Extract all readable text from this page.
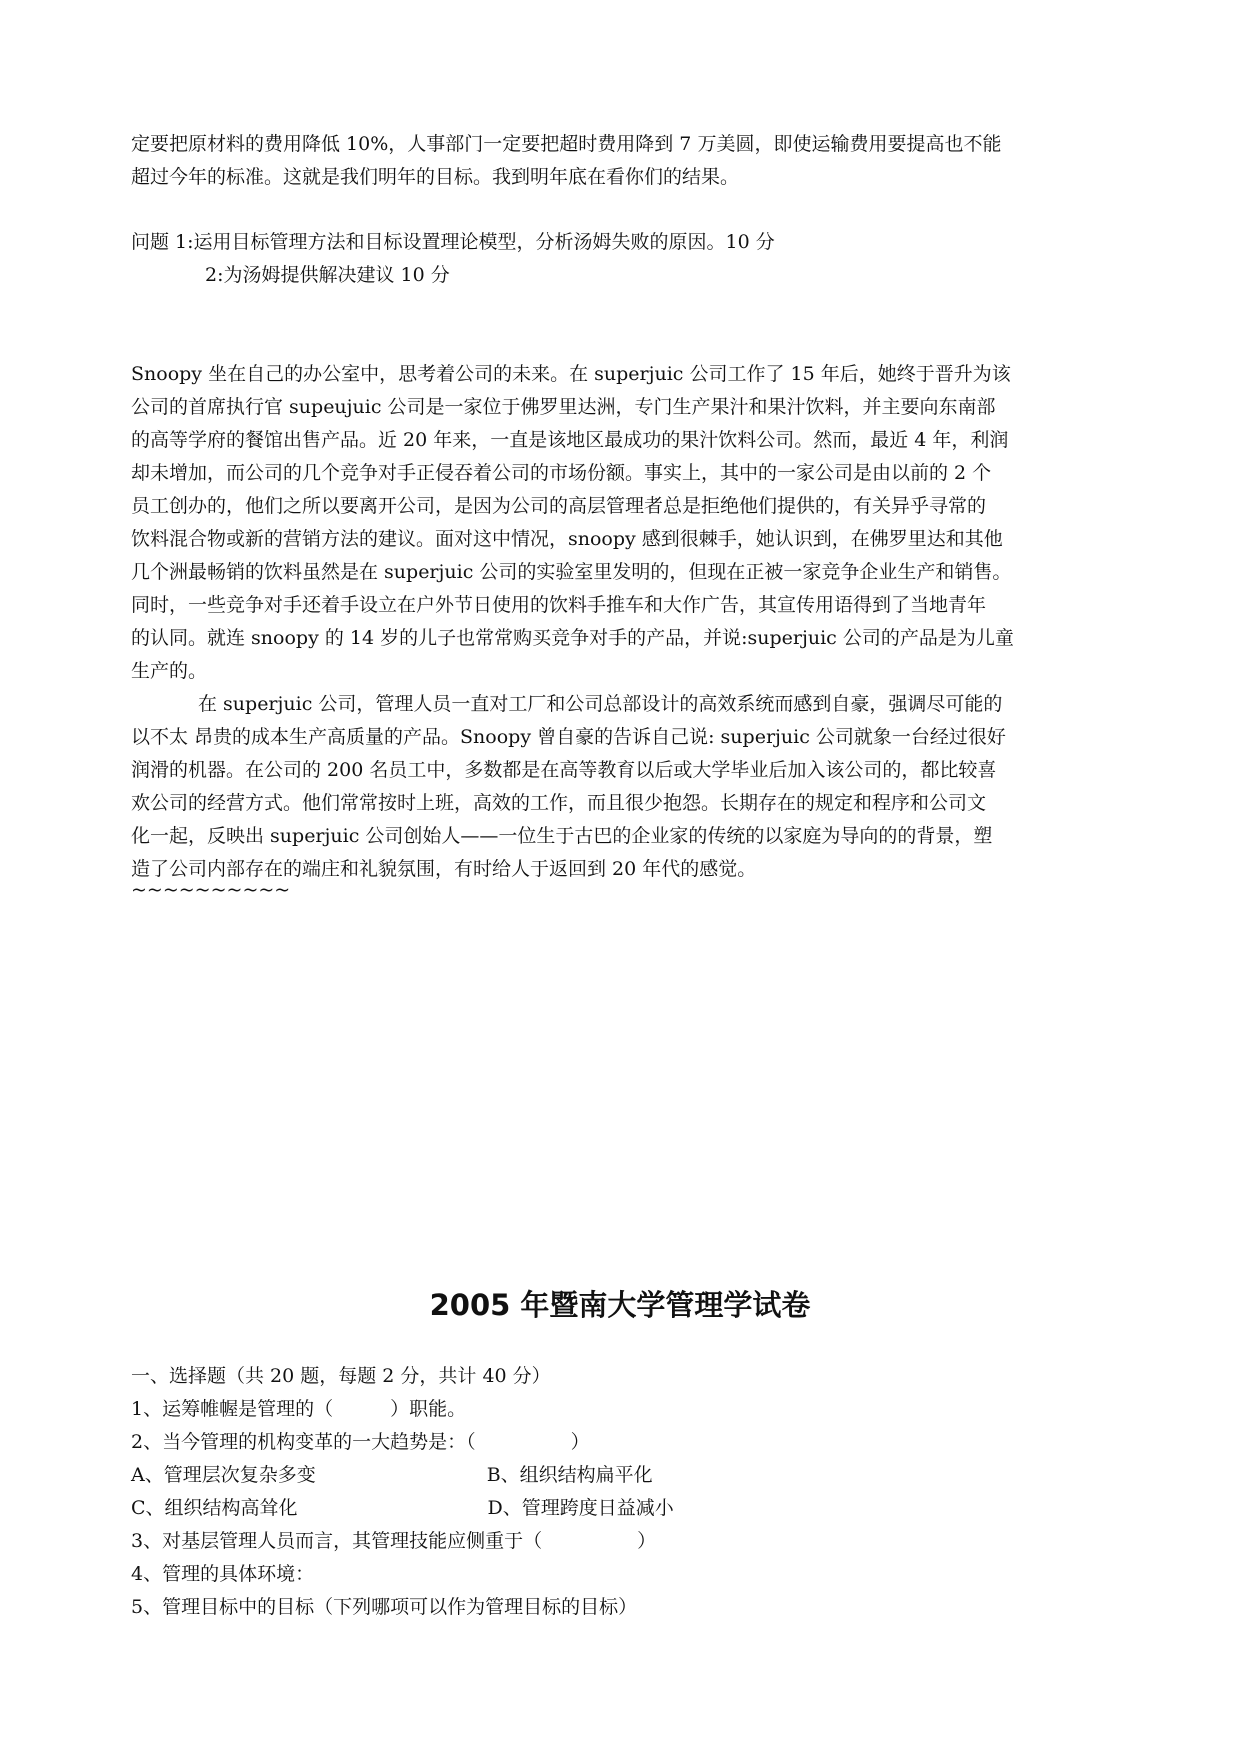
定要把原材料的费用降低 10%，人事部门一定要把超时费用降到 7 万美圆，即使运输费用要提高也不能
超过今年的标准。这就是我们明年的目标。我到明年底在看你们的结果。
问题 1:运用目标管理方法和目标设置理论模型，分析汤姆失败的原因。10 分
2:为汤姆提供解决建议 10 分
Snoopy 坐在自己的办公室中，思考着公司的未来。在 superjuic 公司工作了 15 年后，她终于晋升为该
公司的首席执行官 supeujuic 公司是一家位于佛罗里达洲，专门生产果汁和果汁饮料，并主要向东南部
的高等学府的餐馆出售产品。近 20 年来，一直是该地区最成功的果汁饮料公司。然而，最近 4 年，利润
却未增加，而公司的几个竞争对手正侵吞着公司的市场份额。事实上，其中的一家公司是由以前的 2 个
员工创办的，他们之所以要离开公司，是因为公司的高层管理者总是拒绝他们提供的，有关异乎寻常的
饮料混合物或新的营销方法的建议。面对这中情况，snoopy 感到很棘手，她认识到，在佛罗里达和其他
几个洲最畅销的饮料虽然是在 superjuic 公司的实验室里发明的，但现在正被一家竞争企业生产和销售。
同时，一些竞争对手还着手设立在户外节日使用的饮料手推车和大作广告，其宣传用语得到了当地青年
的认同。就连 snoopy 的 14 岁的儿子也常常购买竞争对手的产品，并说:superjuic 公司的产品是为儿童
生产的。
在 superjuic 公司，管理人员一直对工厂和公司总部设计的高效系统而感到自豪，强调尽可能的
以不太 昂贵的成本生产高质量的产品。Snoopy 曾自豪的告诉自己说: superjuic 公司就象一台经过很好
润滑的机器。在公司的 200 名员工中，多数都是在高等教育以后或大学毕业后加入该公司的，都比较喜
欢公司的经营方式。他们常常按时上班，高效的工作，而且很少抱怨。长期存在的规定和程序和公司文
化一起，反映出 superjuic 公司创始人——一位生于古巴的企业家的传统的以家庭为导向的的背景，塑
造了公司内部存在的端庄和礼貌氛围，有时给人于返回到 20 年代的感觉。
~~~~~~~~~~
2005 年暨南大学管理学试卷
一、选择题（共 20 题，每题 2 分，共计 40 分）
1、运筹帷幄是管理的（　　　）职能。
2、当今管理的机构变革的一大趋势是：（　　　　　）
A、管理层次复杂多变　　　　　　　　　B、组织结构扁平化
C、组织结构高耸化　　　　　　　　　　D、管理跨度日益减小
3、对基层管理人员而言，其管理技能应侧重于（　　　　　）
4、管理的具体环境：
5、管理目标中的目标（下列哪项可以作为管理目标的目标）
